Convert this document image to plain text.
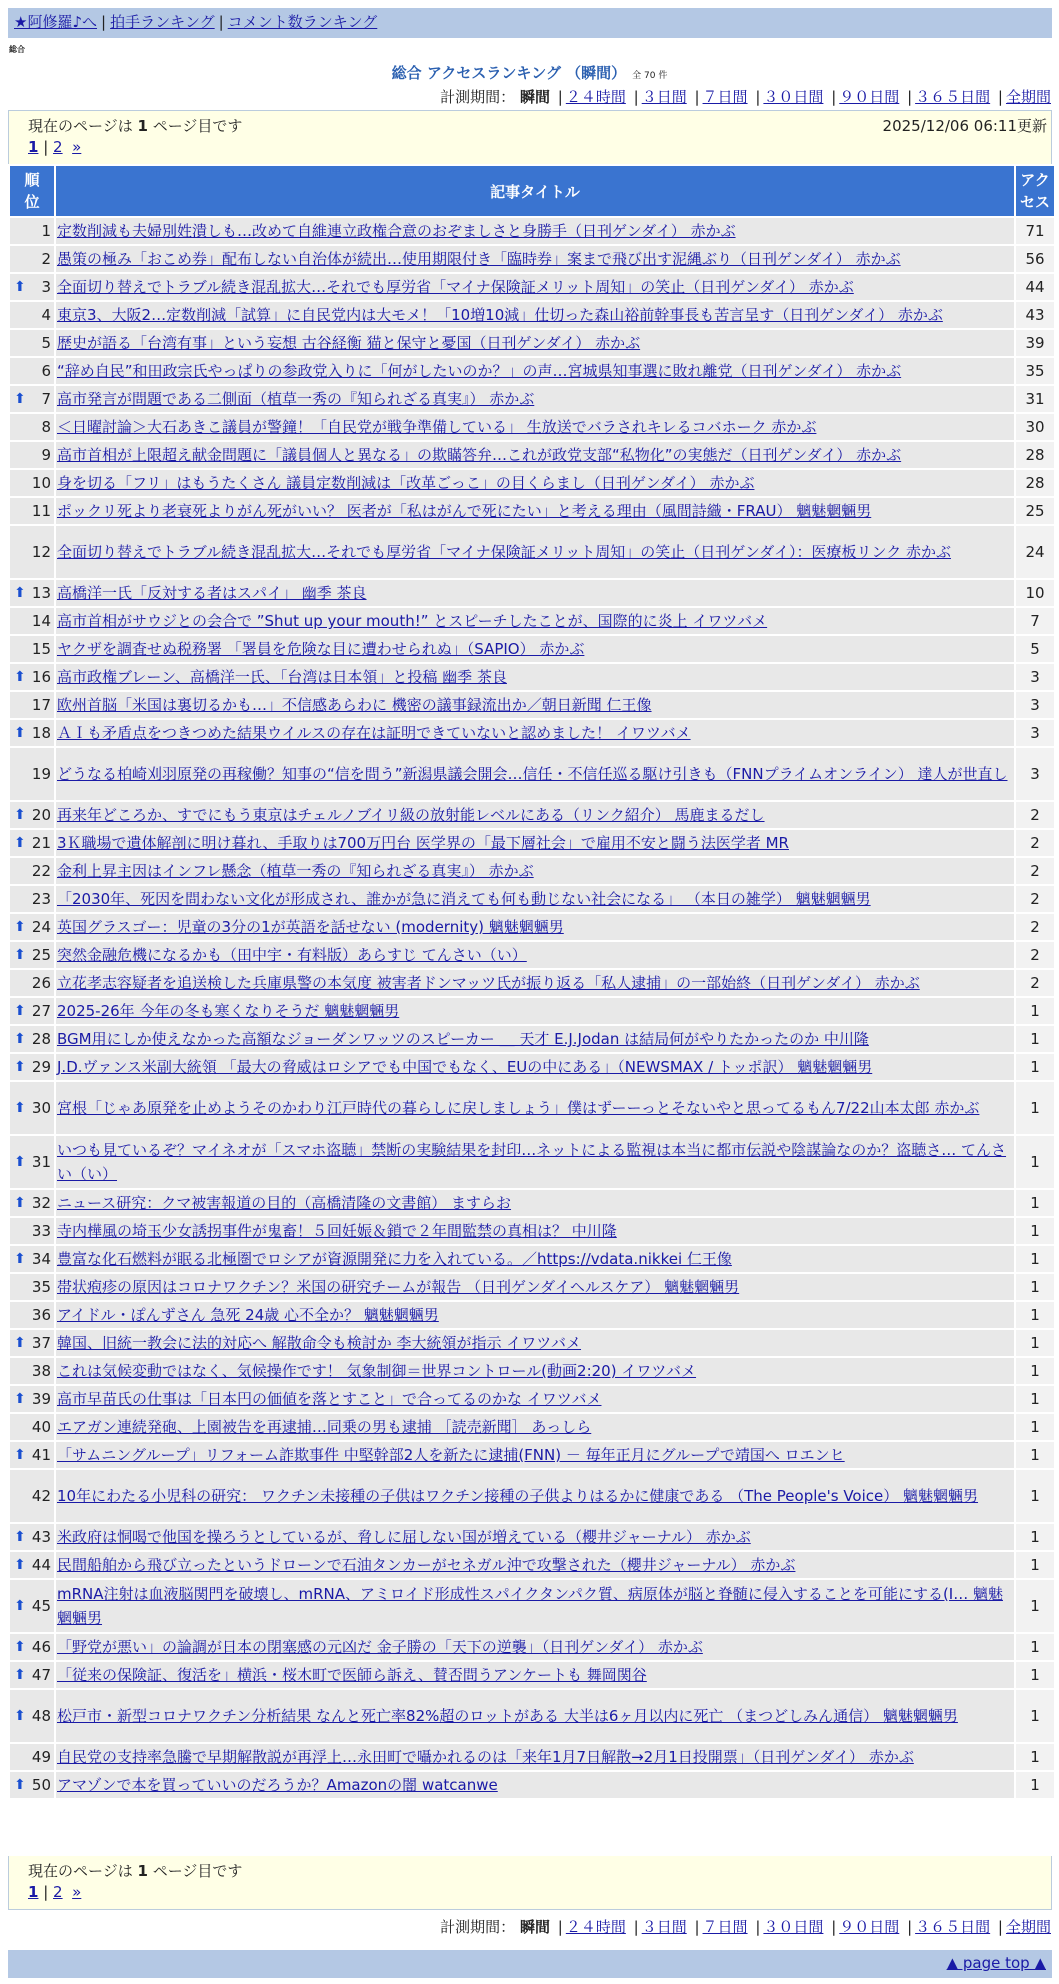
★阿修羅♪へ | 拍手ランキング | コメント数ランキング
総合
総合 アクセスランキング （瞬間） 全 70 件
計測期間： 瞬間 | ２４時間 | ３日間 | ７日間 | ３０日間 | ９０日間 | ３６５日間 | 全期間
現在のページは 1 ページ目です	2025/12/06 06:11更新
1 | 2 »
順位	記事タイトル	アクセス
1	定数削減も夫婦別姓潰しも…改めて自維連立政権合意のおぞましさと身勝手（日刊ゲンダイ） 赤かぶ	71
2	愚策の極み「おこめ券」配布しない自治体が続出…使用期限付き「臨時券」案まで飛び出す泥縄ぶり（日刊ゲンダイ） 赤かぶ	56

⬆ 3	全面切り替えでトラブル続き混乱拡大…それでも厚労省「マイナ保険証メリット周知」の笑止（日刊ゲンダイ） 赤かぶ	44
4	東京3、大阪2…定数削減「試算」に自民党内は大モメ！「10増10減」仕切った森山裕前幹事長も苦言呈す（日刊ゲンダイ） 赤かぶ	43
5	歴史が語る「台湾有事」という妄想 古谷経衡 猫と保守と憂国（日刊ゲンダイ） 赤かぶ	39
6	“辞め自民”和田政宗氏やっぱりの参政党入りに「何がしたいのか？」の声…宮城県知事選に敗れ離党（日刊ゲンダイ） 赤かぶ	35

⬆ 7	高市発言が問題である二側面（植草一秀の『知られざる真実』） 赤かぶ	31
8	＜日曜討論＞大石あきこ議員が警鐘！「自民党が戦争準備している」 生放送でバラされキレるコバホーク 赤かぶ	30
9	高市首相が上限超え献金問題に「議員個人と異なる」の欺瞞答弁…これが政党支部“私物化”の実態だ（日刊ゲンダイ） 赤かぶ	28
10	身を切る「フリ」はもうたくさん 議員定数削減は「改革ごっこ」の目くらまし（日刊ゲンダイ） 赤かぶ	28
11	ポックリ死より老衰死よりがん死がいい？ 医者が「私はがんで死にたい」と考える理由（風間詩織・FRAU） 魑魅魍魎男	25
12	全面切り替えでトラブル続き混乱拡大…それでも厚労省「マイナ保険証メリット周知」の笑止（日刊ゲンダイ）：医療板リンク 赤かぶ	24

⬆ 13	高橋洋一氏「反対する者はスパイ」 幽季 茶良	10
14	高市首相がサウジとの会合で ”Shut up your mouth!” とスピーチしたことが、国際的に炎上 イワツバメ	7
15	ヤクザを調査せぬ税務署 「署員を危険な目に遭わせられぬ」（SAPIO） 赤かぶ	5

⬆ 16	高市政権ブレーン、高橋洋一氏、「台湾は日本領」と投稿 幽季 茶良	3
17	欧州首脳「米国は裏切るかも…」不信感あらわに 機密の議事録流出か／朝日新聞 仁王像	3

⬆ 18	ＡＩも矛盾点をつきつめた結果ウイルスの存在は証明できていないと認めました！ イワツバメ	3
19	どうなる柏崎刈羽原発の再稼働？知事の“信を問う”新潟県議会開会…信任・不信任巡る駆け引きも（FNNプライムオンライン） 達人が世直し	3

⬆ 20	再来年どころか、すでにもう東京はチェルノブイリ級の放射能レベルにある（リンク紹介） 馬鹿まるだし	2

⬆ 21	3Ｋ職場で遺体解剖に明け暮れ、手取りは700万円台 医学界の「最下層社会」で雇用不安と闘う法医学者 MR	2
22	金利上昇主因はインフレ懸念（植草一秀の『知られざる真実』） 赤かぶ	2
23	「2030年、死因を問わない文化が形成され、誰かが急に消えても何も動じない社会になる」 （本日の雑学） 魑魅魍魎男	2

⬆ 24	英国グラスゴー：児童の3分の1が英語を話せない (modernity) 魑魅魍魎男	2

⬆ 25	突然金融危機になるかも（田中宇・有料版）あらすじ てんさい（い）	2
26	立花孝志容疑者を追送検した兵庫県警の本気度 被害者ドンマッツ氏が振り返る「私人逮捕」の一部始終（日刊ゲンダイ） 赤かぶ	2

⬆ 27	2025-26年 今年の冬も寒くなりそうだ 魑魅魍魎男	1

⬆ 28	BGM用にしか使えなかった高額なジョーダンワッツのスピーカー ＿ 天才 E.J.Jodan は結局何がやりたかったのか 中川隆	1

⬆ 29	J.D.ヴァンス米副大統領 「最大の脅威はロシアでも中国でもなく、EUの中にある」（NEWSMAX / トッポ訳） 魑魅魍魎男	1

⬆ 30	宮根「じゃあ原発を止めようそのかわり江戸時代の暮らしに戻しましょう」僕はずーーっとそないやと思ってるもん7/22山本太郎 赤かぶ	1

⬆ 31	いつも見ているぞ？マイネオが「スマホ盗聴」禁断の実験結果を封印…ネットによる監視は本当に都市伝説や陰謀論なのか？盗聴さ… てんさい（い）	1

⬆ 32	ニュース研究：クマ被害報道の目的（高橋清隆の文書館） ますらお	1
33	寺内樺風の埼玉少女誘拐事件が鬼畜！５回妊娠＆鎖で２年間監禁の真相は？ 中川隆	1

⬆ 34	豊富な化石燃料が眠る北極圏でロシアが資源開発に力を入れている。／https://vdata.nikkei 仁王像	1
35	帯状疱疹の原因はコロナワクチン？米国の研究チームが報告 （日刊ゲンダイヘルスケア） 魑魅魍魎男	1
36	アイドル・ぽんずさん 急死 24歳 心不全か？ 魑魅魍魎男	1

⬆ 37	韓国、旧統一教会に法的対応へ 解散命令も検討か 李大統領が指示 イワツバメ	1
38	これは気候変動ではなく、気候操作です！ 気象制御＝世界コントロール(動画2:20) イワツバメ	1

⬆ 39	高市早苗氏の仕事は「日本円の価値を落とすこと」で合ってるのかな イワツバメ	1
40	エアガン連続発砲、上園被告を再逮捕…同乗の男も逮捕 ［読売新聞］ あっしら	1

⬆ 41	「サムニングループ」リフォーム詐欺事件 中堅幹部2人を新たに逮捕(FNN) － 毎年正月にグループで靖国へ ロエンヒ	1
42	10年にわたる小児科の研究： ワクチン未接種の子供はワクチン接種の子供よりはるかに健康である （The People's Voice） 魑魅魍魎男	1

⬆ 43	米政府は恫喝で他国を操ろうとしているが、脅しに屈しない国が増えている（櫻井ジャーナル） 赤かぶ	1

⬆ 44	民間船舶から飛び立ったというドローンで石油タンカーがセネガル沖で攻撃された（櫻井ジャーナル） 赤かぶ	1

⬆ 45	mRNA注射は血液脳関門を破壊し、mRNA、アミロイド形成性スパイクタンパク質、病原体が脳と脊髄に侵入することを可能にする(I… 魑魅魍魎男	1

⬆ 46	「野党が悪い」の論調が日本の閉塞感の元凶だ 金子勝の「天下の逆襲」（日刊ゲンダイ） 赤かぶ	1

⬆ 47	「従来の保険証、復活を」横浜・桜木町で医師ら訴え、賛否問うアンケートも 舞岡関谷	1

⬆ 48	松戸市・新型コロナワクチン分析結果 なんと死亡率82%超のロットがある 大半は6ヶ月以内に死亡 （まつどしみん通信） 魑魅魍魎男	1
49	自民党の支持率急騰で早期解散説が再浮上…永田町で囁かれるのは「来年1月7日解散→2月1日投開票」（日刊ゲンダイ） 赤かぶ	1

⬆ 50	アマゾンで本を買っていいのだろうか？Amazonの闇 watcanwe	1
現在のページは 1 ページ目です
1 | 2 »
計測期間： 瞬間 | ２４時間 | ３日間 | ７日間 | ３０日間 | ９０日間 | ３６５日間 | 全期間
▲ page top ▲
